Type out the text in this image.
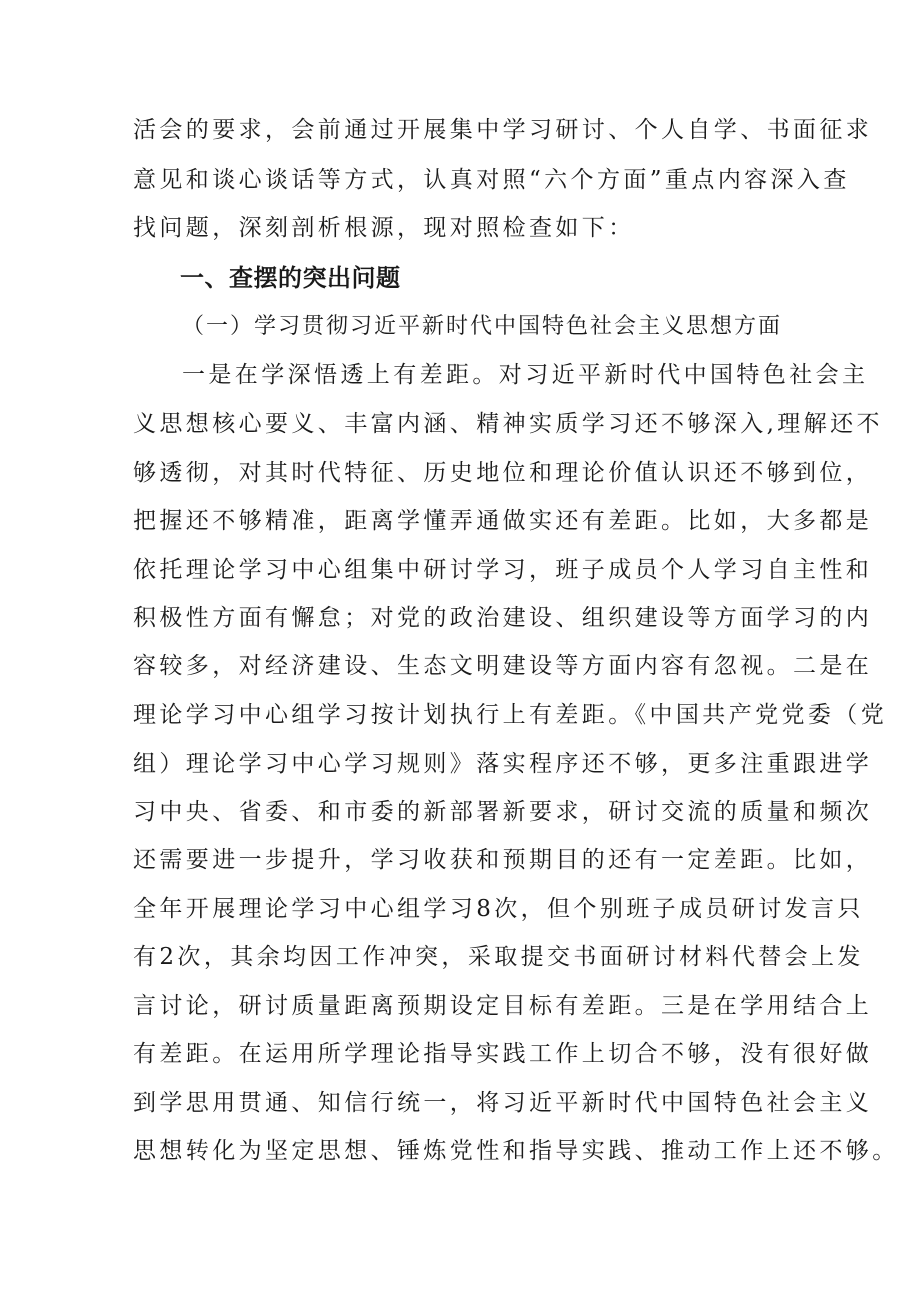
活会的要求，会前通过开展集中学习研讨、个人自学、书面征求
意见和谈心谈话等方式，认真对照“六个方面”重点内容深入查
找问题，深刻剖析根源，现对照检查如下：
一、查摆的突出问题
（一）学习贯彻习近平新时代中国特色社会主义思想方面
一是在学深悟透上有差距。对习近平新时代中国特色社会主
义思想核心要义、丰富内涵、精神实质学习还不够深入,理解还不
够透彻，对其时代特征、历史地位和理论价值认识还不够到位，
把握还不够精准，距离学懂弄通做实还有差距。比如，大多都是
依托理论学习中心组集中研讨学习，班子成员个人学习自主性和
积极性方面有懈怠；对党的政治建设、组织建设等方面学习的内
容较多，对经济建设、生态文明建设等方面内容有忽视。二是在
理论学习中心组学习按计划执行上有差距。《中国共产党党委（党
组）理论学习中心学习规则》落实程序还不够，更多注重跟进学
习中央、省委、和市委的新部署新要求，研讨交流的质量和频次
还需要进一步提升，学习收获和预期目的还有一定差距。比如，
全年开展理论学习中心组学习8次，但个别班子成员研讨发言只
有2次，其余均因工作冲突，采取提交书面研讨材料代替会上发
言讨论，研讨质量距离预期设定目标有差距。三是在学用结合上
有差距。在运用所学理论指导实践工作上切合不够，没有很好做
到学思用贯通、知信行统一，将习近平新时代中国特色社会主义
思想转化为坚定思想、锤炼党性和指导实践、推动工作上还不够。
